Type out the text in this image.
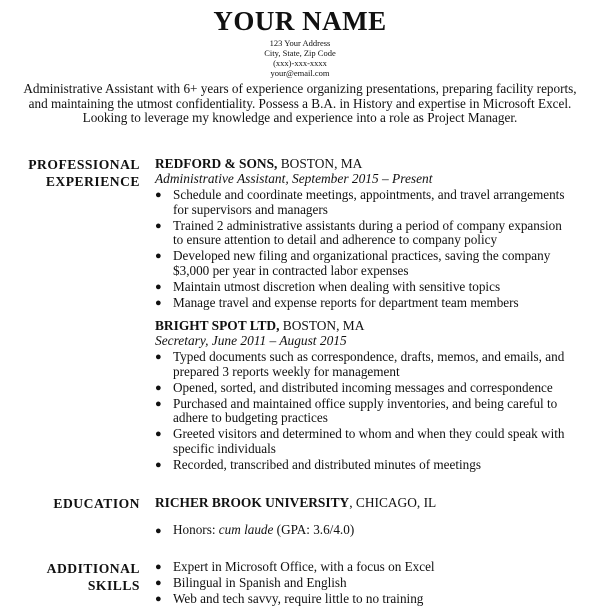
YOUR NAME
123 Your Address
City, State, Zip Code
(xxx)-xxx-xxxx
your@email.com
Administrative Assistant with 6+ years of experience organizing presentations, preparing facility reports, and maintaining the utmost confidentiality. Possess a B.A. in History and expertise in Microsoft Excel. Looking to leverage my knowledge and experience into a role as Project Manager.
PROFESSIONAL
EXPERIENCE
REDFORD & SONS, BOSTON, MA
Administrative Assistant, September 2015 – Present
● Schedule and coordinate meetings, appointments, and travel arrangements for supervisors and managers
● Trained 2 administrative assistants during a period of company expansion to ensure attention to detail and adherence to company policy
● Developed new filing and organizational practices, saving the company $3,000 per year in contracted labor expenses
● Maintain utmost discretion when dealing with sensitive topics
● Manage travel and expense reports for department team members
BRIGHT SPOT LTD, BOSTON, MA
Secretary, June 2011 – August 2015
● Typed documents such as correspondence, drafts, memos, and emails, and prepared 3 reports weekly for management
● Opened, sorted, and distributed incoming messages and correspondence
● Purchased and maintained office supply inventories, and being careful to adhere to budgeting practices
● Greeted visitors and determined to whom and when they could speak with specific individuals
● Recorded, transcribed and distributed minutes of meetings
EDUCATION RICHER BROOK UNIVERSITY, CHICAGO, IL
● Honors: cum laude (GPA: 3.6/4.0)
ADDITIONAL
SKILLS
● Expert in Microsoft Office, with a focus on Excel
● Bilingual in Spanish and English
● Web and tech savvy, require little to no training
